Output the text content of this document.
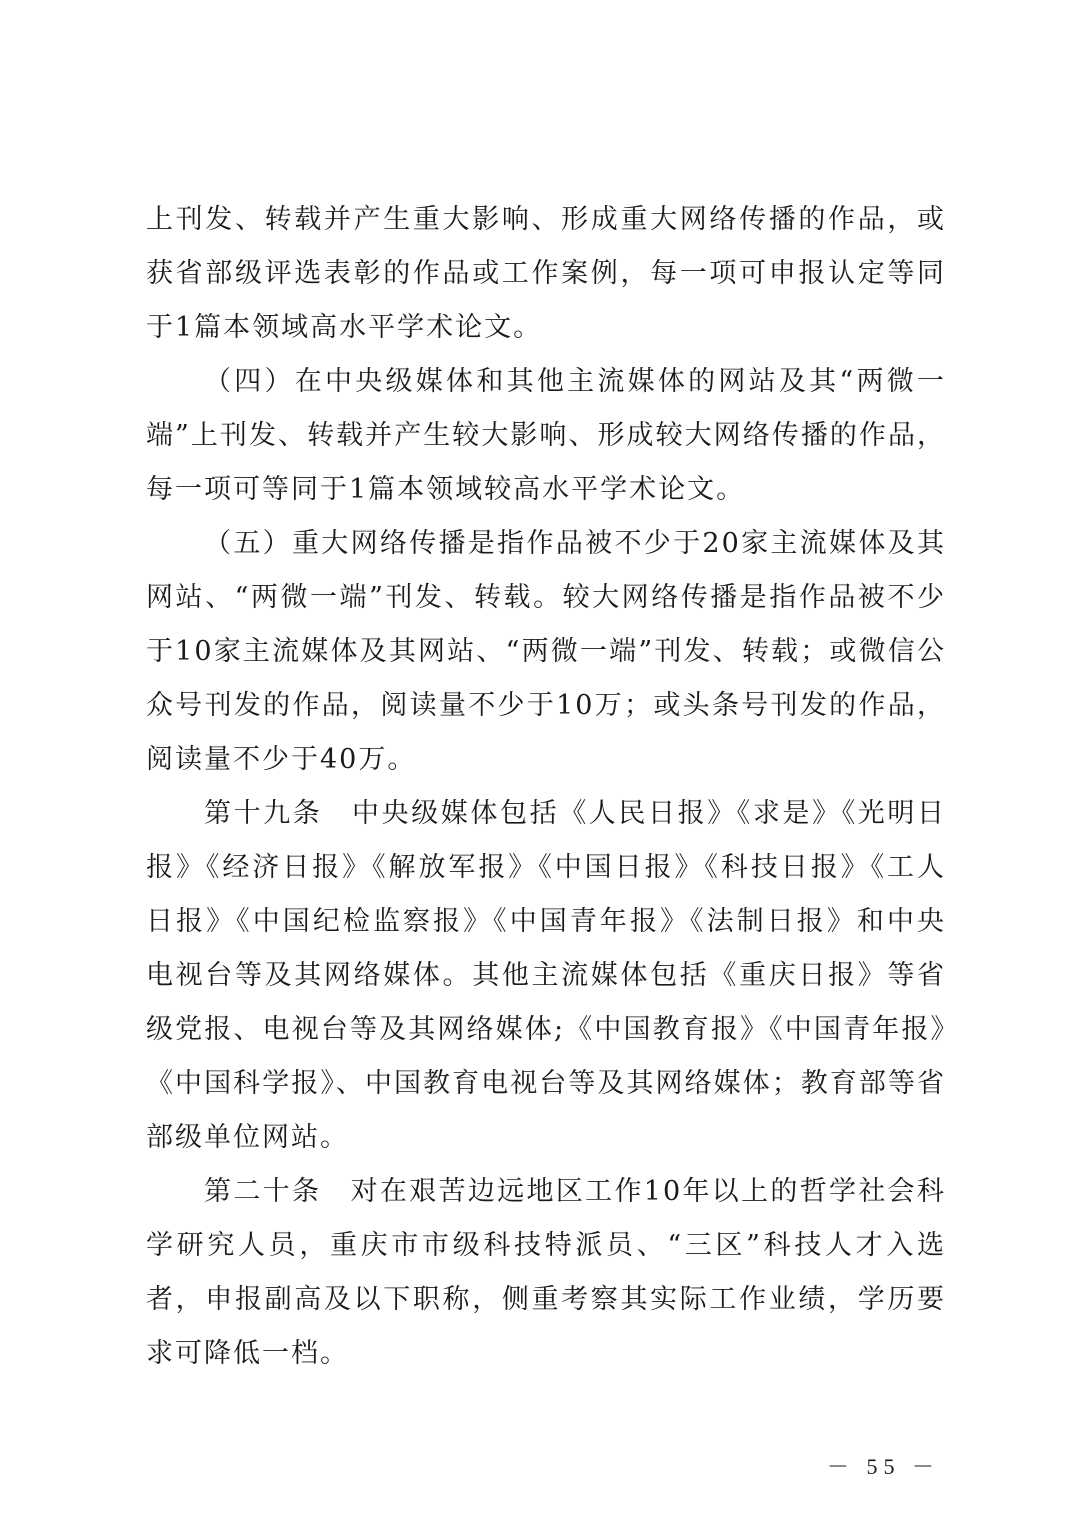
上刊发、转载并产生重大影响、形成重大网络传播的作品，或获省部级评选表彰的作品或工作案例，每一项可申报认定等同于1篇本领域高水平学术论文。

（四）在中央级媒体和其他主流媒体的网站及其“两微一端”上刊发、转载并产生较大影响、形成较大网络传播的作品，每一项可等同于1篇本领域较高水平学术论文。

（五）重大网络传播是指作品被不少于20家主流媒体及其网站、“两微一端”刊发、转载。较大网络传播是指作品被不少于10家主流媒体及其网站、“两微一端”刊发、转载；或微信公众号刊发的作品，阅读量不少于10万；或头条号刊发的作品，阅读量不少于40万。

第十九条　中央级媒体包括《人民日报》《求是》《光明日报》《经济日报》《解放军报》《中国日报》《科技日报》《工人日报》《中国纪检监察报》《中国青年报》《法制日报》和中央电视台等及其网络媒体。其他主流媒体包括《重庆日报》等省级党报、电视台等及其网络媒体;《中国教育报》《中国青年报》《中国科学报》、中国教育电视台等及其网络媒体；教育部等省部级单位网站。

第二十条　对在艰苦边远地区工作10年以上的哲学社会科学研究人员，重庆市市级科技特派员、“三区”科技人才入选者，申报副高及以下职称，侧重考察其实际工作业绩，学历要求可降低一档。

－ 55 －
